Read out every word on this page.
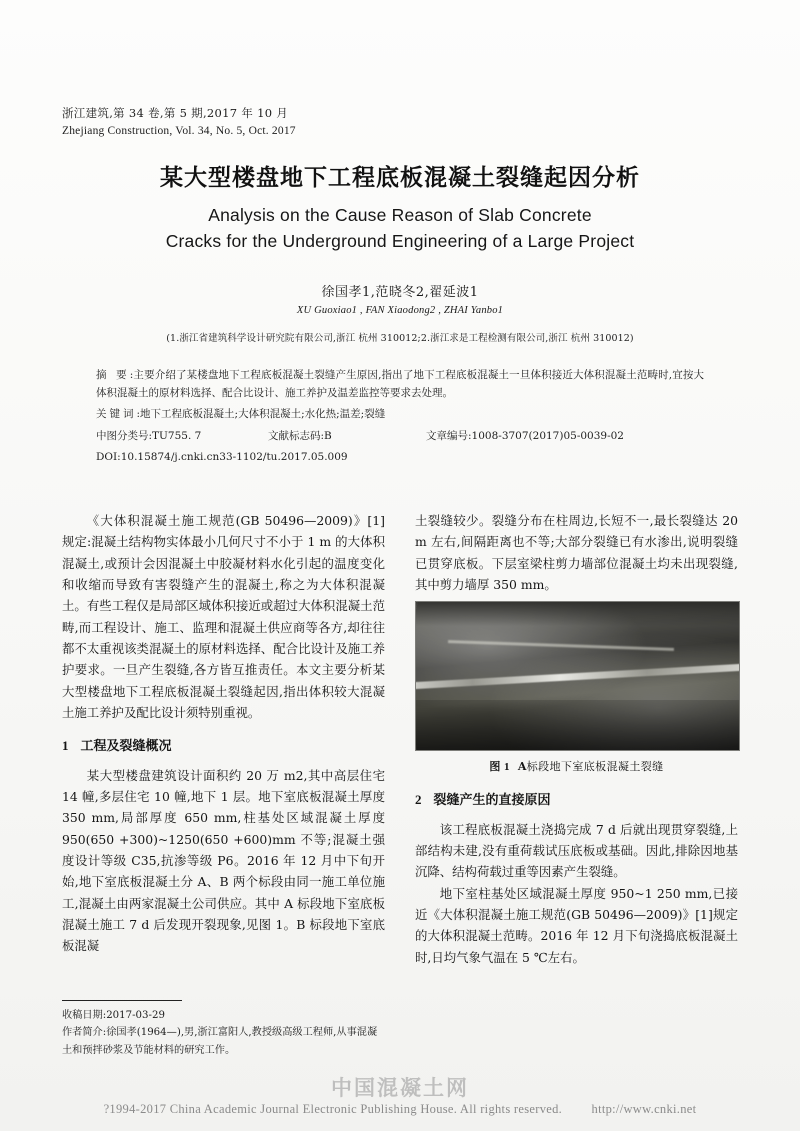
浙江建筑,第 34 卷,第 5 期,2017 年 10 月
Zhejiang Construction, Vol. 34, No. 5, Oct. 2017
某大型楼盘地下工程底板混凝土裂缝起因分析
Analysis on the Cause Reason of Slab Concrete
Cracks for the Underground Engineering of a Large Project
徐国孝1,范晓冬2,翟延波1
XU Guoxiao1 , FAN Xiaodong2 , ZHAI Yanbo1
(1.浙江省建筑科学设计研究院有限公司,浙江 杭州 310012;2.浙江求是工程检测有限公司,浙江 杭州 310012)
摘 要:主要介绍了某楼盘地下工程底板混凝土裂缝产生原因,指出了地下工程底板混凝土一旦体积接近大体积混凝土范畴时,宜按大体积混凝土的原材料选择、配合比设计、施工养护及温差监控等要求去处理。
关键词:地下工程底板混凝土;大体积混凝土;水化热;温差;裂缝
中图分类号:TU755. 7	文献标志码:B	文章编号:1008-3707(2017)05-0039-02
DOI:10.15874/j.cnki.cn33-1102/tu.2017.05.009

《大体积混凝土施工规范(GB 50496—2009)》[1] 规定:混凝土结构物实体最小几何尺寸不小于 1 m 的大体积混凝土,或预计会因混凝土中胶凝材料水化引起的温度变化和收缩而导致有害裂缝产生的混凝土,称之为大体积混凝土。有些工程仅是局部区域体积接近或超过大体积混凝土范畴,而工程设计、施工、监理和混凝土供应商等各方,却往往都不太重视该类混凝土的原材料选择、配合比设计及施工养护要求。一旦产生裂缝,各方皆互推责任。本文主要分析某大型楼盘地下工程底板混凝土裂缝起因,指出体积较大混凝土施工养护及配比设计须特别重视。

1 工程及裂缝概况

某大型楼盘建筑设计面积约 20 万 m2,其中高层住宅 14 幢,多层住宅 10 幢,地下 1 层。地下室底板混凝土厚度 350 mm,局部厚度 650 mm,柱基处区域混凝土厚度 950(650 +300)~1250(650 +600)mm 不等;混凝土强度设计等级 C35,抗渗等级 P6。2016 年 12 月中下旬开始,地下室底板混凝土分 A、B 两个标段由同一施工单位施工,混凝土由两家混凝土公司供应。其中 A 标段地下室底板混凝土施工 7 d 后发现开裂现象,见图 1。B 标段地下室底板混凝

土裂缝较少。裂缝分布在柱周边,长短不一,最长裂缝达 20 m 左右,间隔距离也不等;大部分裂缝已有水渗出,说明裂缝已贯穿底板。下层室梁柱剪力墙部位混凝土均未出现裂缝,其中剪力墙厚 350 mm。

图 1 A标段地下室底板混凝土裂缝
2 裂缝产生的直接原因

该工程底板混凝土浇捣完成 7 d 后就出现贯穿裂缝,上部结构未建,没有重荷载试压底板或基础。因此,排除因地基沉降、结构荷载过重等因素产生裂缝。

地下室柱基处区域混凝土厚度 950~1 250 mm,已接近《大体积混凝土施工规范(GB 50496—2009)》[1]规定的大体积混凝土范畴。2016 年 12 月下旬浇捣底板混凝土时,日均气象气温在 5 ℃左右。

收稿日期:2017-03-29
作者简介:徐国孝(1964—),男,浙江富阳人,教授级高级工程师,从事混凝土和预拌砂浆及节能材料的研究工作。
中国混凝土网
?1994-2017 China Academic Journal Electronic Publishing House. All rights reserved. http://www.cnki.net
